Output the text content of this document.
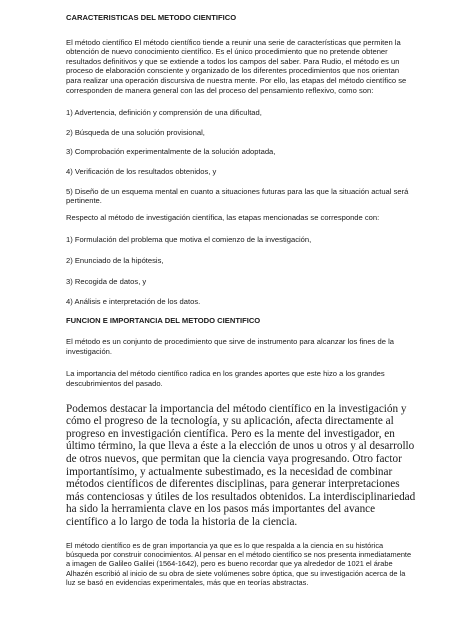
CARACTERISTICAS DEL METODO CIENTIFICO

El método científico El método científico tiende a reunir una serie de características que permiten la obtención de nuevo conocimiento científico. Es el único procedimiento que no pretende obtener resultados definitivos y que se extiende a todos los campos del saber. Para Rudio, el método es un proceso de elaboración consciente y organizado de los diferentes procedimientos que nos orientan para realizar una operación discursiva de nuestra mente. Por ello, las etapas del método científico se corresponden de manera general con las del proceso del pensamiento reflexivo, como son:

1) Advertencia, definición y comprensión de una dificultad,

2) Búsqueda de una solución provisional,

3) Comprobación experimentalmente de la solución adoptada,

4) Verificación de los resultados obtenidos, y

5) Diseño de un esquema mental en cuanto a situaciones futuras para las que la situación actual será pertinente.

Respecto al método de investigación científica, las etapas mencionadas se corresponde con:

1) Formulación del problema que motiva el comienzo de la investigación,

2) Enunciado de la hipótesis,

3) Recogida de datos, y

4) Análisis e interpretación de los datos.

FUNCION E IMPORTANCIA DEL METODO CIENTIFICO

El método es un conjunto de procedimiento que sirve de instrumento para alcanzar los fines de la investigación.

La importancia del método científico radica en los grandes aportes que este hizo a los grandes descubrimientos del pasado.

Podemos destacar la importancia del método científico en la investigación y cómo el progreso de la tecnología, y su aplicación, afecta directamente al progreso en investigación científica. Pero es la mente del investigador, en último término, la que lleva a éste a la elección de unos u otros y al desarrollo de otros nuevos, que permitan que la ciencia vaya progresando. Otro factor importantísimo, y actualmente subestimado, es la necesidad de combinar métodos científicos de diferentes disciplinas, para generar interpretaciones más contenciosas y útiles de los resultados obtenidos. La interdisciplinariedad ha sido la herramienta clave en los pasos más importantes del avance científico a lo largo de toda la historia de la ciencia.

El método científico es de gran importancia ya que es lo que respalda a la ciencia en su histórica búsqueda por construir conocimientos. Al pensar en el método científico se nos presenta inmediatamente a imagen de Galileo Galilei (1564-1642), pero es bueno recordar que ya alrededor de 1021 el árabe Alhazén escribió al inicio de su obra de siete volúmenes sobre óptica, que su investigación acerca de la luz se basó en evidencias experimentales, más que en teorías abstractas.
